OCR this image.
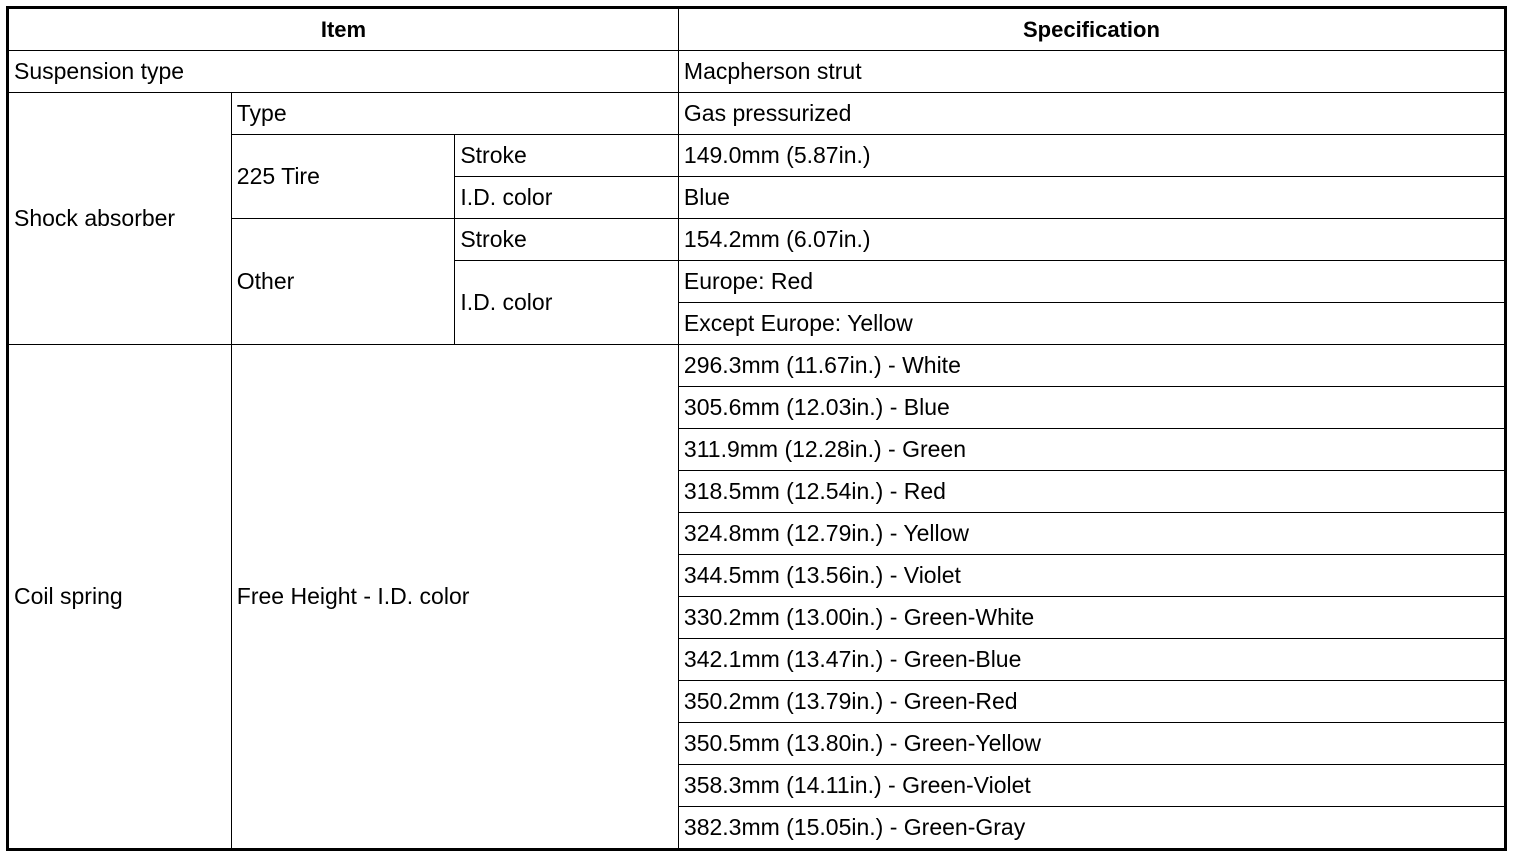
Item			Specification
Suspension type			Macpherson strut
Shock absorber	Type		Gas pressurized
	225 Tire	Stroke	149.0mm (5.87in.)
		I.D. color	Blue
	Other	Stroke	154.2mm (6.07in.)
		I.D. color	Europe: Red
			Except Europe: Yellow
Coil spring	Free Height - I.D. color		296.3mm (11.67in.) - White
			305.6mm (12.03in.) - Blue
			311.9mm (12.28in.) - Green
			318.5mm (12.54in.) - Red
			324.8mm (12.79in.) - Yellow
			344.5mm (13.56in.) - Violet
			330.2mm (13.00in.) - Green-White
			342.1mm (13.47in.) - Green-Blue
			350.2mm (13.79in.) - Green-Red
			350.5mm (13.80in.) - Green-Yellow
			358.3mm (14.11in.) - Green-Violet
			382.3mm (15.05in.) - Green-Gray
